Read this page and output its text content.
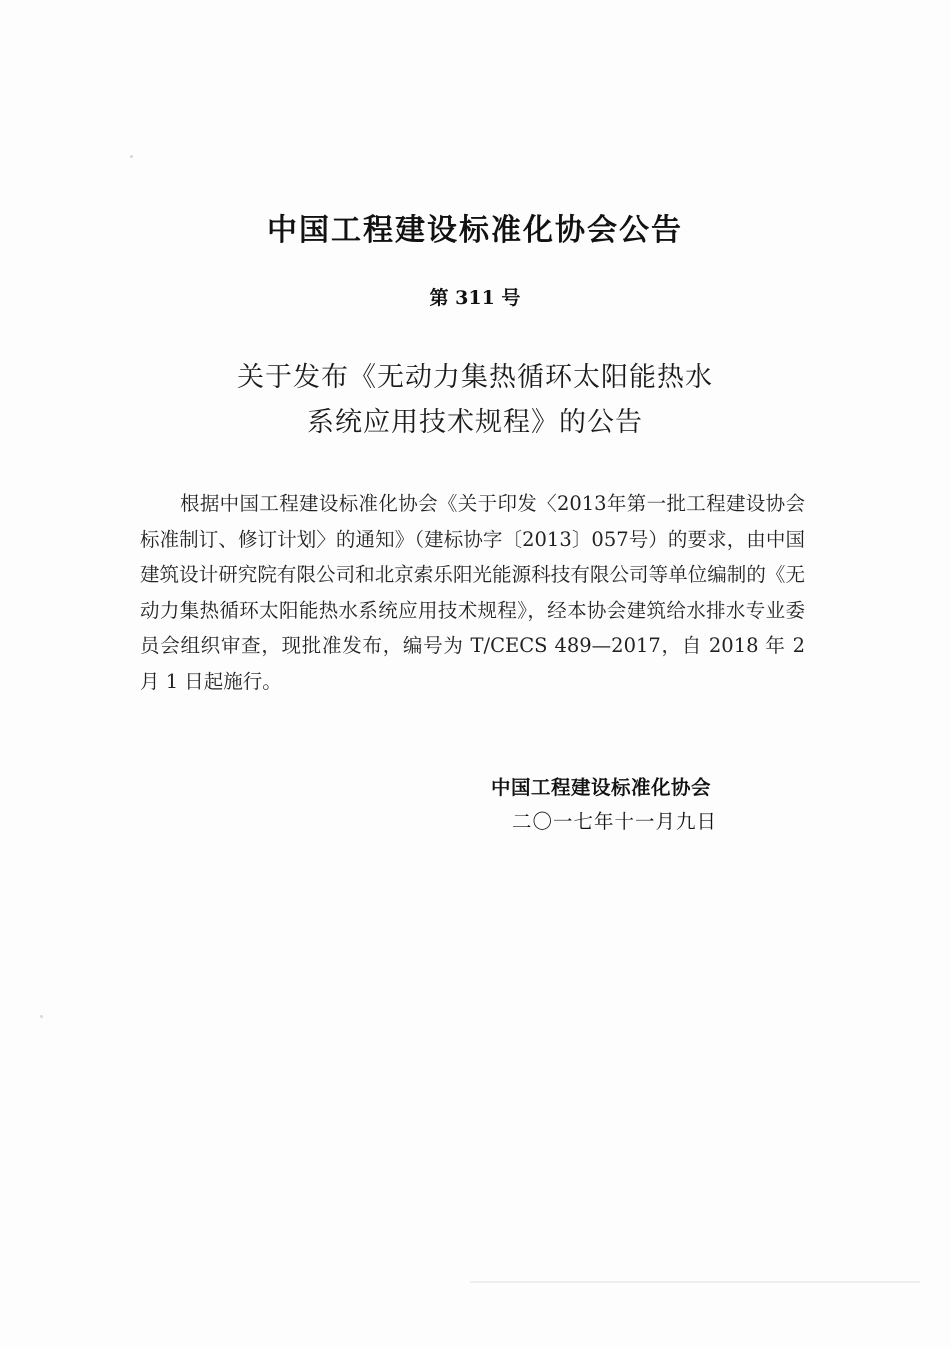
中国工程建设标准化协会公告
第 311 号
关于发布《无动力集热循环太阳能热水
系统应用技术规程》的公告
根据中国工程建设标准化协会《关于印发〈2013年第一批工程建设协会标准制订、修订计划〉的通知》（建标协字〔2013〕057号）的要求，由中国建筑设计研究院有限公司和北京索乐阳光能源科技有限公司等单位编制的《无动力集热循环太阳能热水系统应用技术规程》，经本协会建筑给水排水专业委员会组织审查，现批准发布，编号为 T/CECS 489—2017，自 2018 年 2 月 1 日起施行。
中国工程建设标准化协会
二〇一七年十一月九日
